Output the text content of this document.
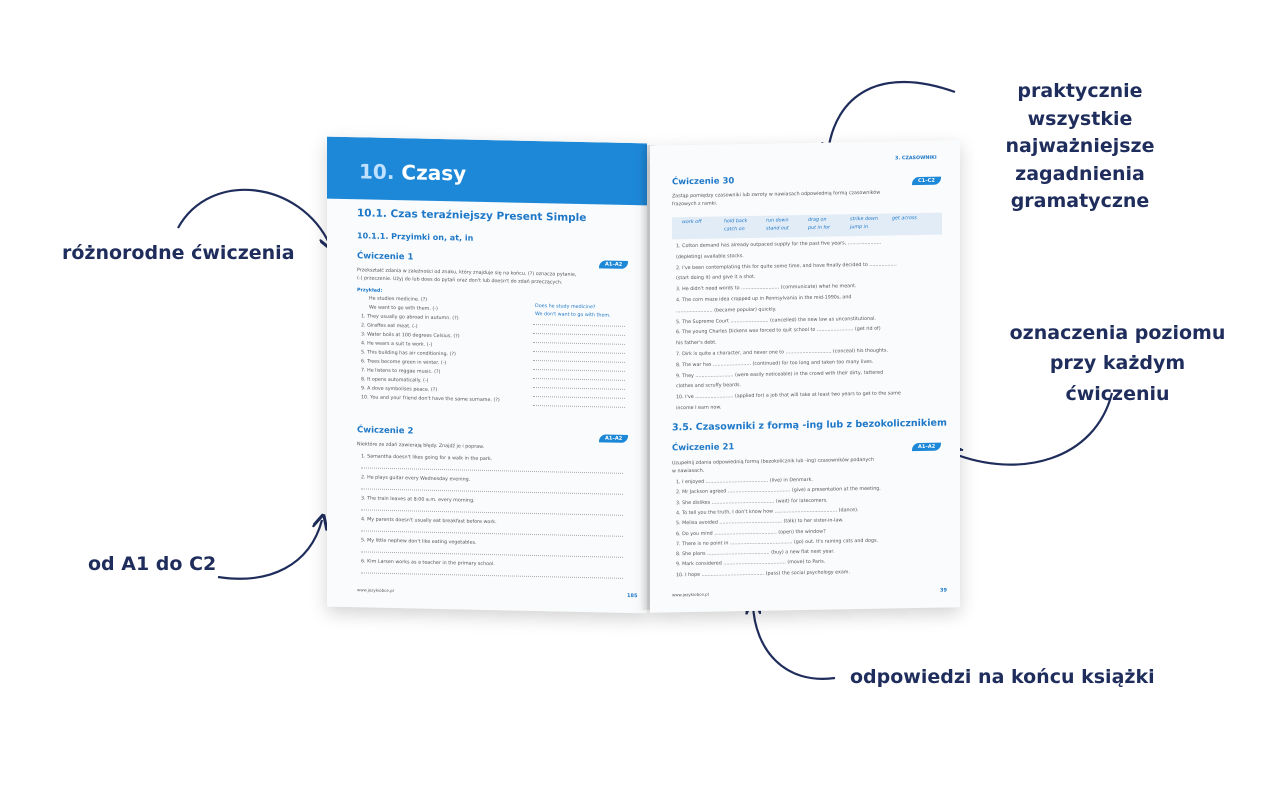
różnorodne ćwiczenia
od A1 do C2
praktycznie wszystkie
najważniejsze
zagadnienia
gramatyczne
oznaczenia poziomu
przy każdym ćwiczeniu
odpowiedzi na końcu książki
10. Czasy
10.1. Czas teraźniejszy Present Simple
10.1.1. Przyimki on, at, in
Ćwiczenie 1
A1–A2
Przekształć zdania w zależności od znaku, który znajduje się na końcu. (?) oznacza pytanie,
(-) przeczenie. Użyj do lub does do pytań oraz don't lub doesn't do zdań przeczących.
Przykład:
He studies medicine. (?)
We want to go with them. (-)	Does he study medicine?
We don't want to go with them.
1. They usually go abroad in autumn. (?)
2. Giraffes eat meat. (-)
3. Water boils at 100 degrees Celsius. (?)
4. He wears a suit to work. (-)
5. This building has air conditioning. (?)
6. Trees become green in winter. (-)
7. He listens to reggae music. (?)
8. It opens automatically. (-)
9. A dove symbolises peace. (?)
10. You and your friend don't have the same surname. (?)
Ćwiczenie 2
A1–A2
Niektóre ze zdań zawierają błędy. Znajdź je i popraw.
1. Samantha doesn't likes going for a walk in the park.
2. He plays guitar every Wednesday evening.
3. The train leaves at 8:00 a.m. every morning.
4. My parents doesn't usually eat breakfast before work.
5. My little nephew don't like eating vegetables.
6. Kim Larsen works as a teacher in the primary school.
www.jezykiobce.pl
185
3. CZASOWNIKI
Ćwiczenie 30	C1–C2
Zastąp pomiędzy czasowniki lub zwroty w nawiasach odpowiednią formą czasowników
frazowych z ramki.
work off	hold back	run down	drag on	strike down	get across
catch on	stand out	put in for	jump in
1. Cotton demand has already outpaced supply for the past five years, ......................
(depleting) available stocks.
2. I've been contemplating this for quite some time, and have finally decided to ..................
(start doing it) and give it a shot.
3. He didn't need words to ......................... (communicate) what he meant.
4. The corn maze idea cropped up in Pennsylvania in the mid-1990s, and
........................ (became popular) quickly.
5. The Supreme Court ......................... (cancelled) the new law as unconstitutional.
6. The young Charles Dickens was forced to quit school to ........................ (get rid of)
his father's debt.
7. Dirk is quite a character, and never one to .............................. (conceal) his thoughts.
8. The war has ......................... (continued) for too long and taken too many lives.
9. They ......................... (were easily noticeable) in the crowd with their dirty, tattered
clothes and scruffy beards.
10. I've ......................... (applied for) a job that will take at least two years to get to the same
income I earn now.
3.5. Czasowniki z formą -ing lub z bezokolicznikiem
Ćwiczenie 21	A1–A2
Uzupełnij zdania odpowiednią formą (bezokolicznik lub -ing) czasowników podanych
w nawiasach.
1. I enjoyed ......................................... (live) in Denmark.
2. Mr Jackson agreed ......................................... (give) a presentation at the meeting.
3. She dislikes ......................................... (wait) for latecomers.
4. To tell you the truth, I don't know how ......................................... (dance).
5. Melisa avoided ......................................... (talk) to her sister-in-law.
6. Do you mind ......................................... (open) the window?
7. There is no point in ......................................... (go) out. It's raining cats and dogs.
8. She plans ......................................... (buy) a new flat next year.
9. Mark considered ......................................... (move) to Paris.
10. I hope ......................................... (pass) the social psychology exam.
www.jezykiobce.pl
39
